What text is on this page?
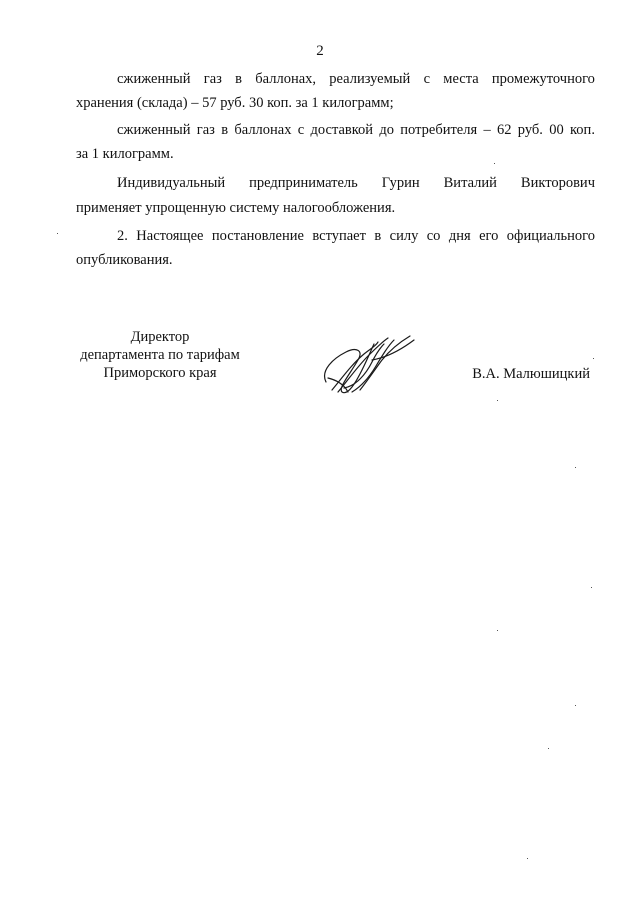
2
сжиженный газ в баллонах, реализуемый с места промежуточного
хранения (склада) – 57 руб. 30 коп. за 1 килограмм;
сжиженный газ в баллонах с доставкой до потребителя – 62 руб. 00 коп.
за 1 килограмм.
Индивидуальный предприниматель Гурин Виталий Викторович
применяет упрощенную систему налогообложения.
2. Настоящее постановление вступает в силу со дня его официального
опубликования.
Директор
департамента по тарифам
Приморского края	В.А. Малюшицкий
